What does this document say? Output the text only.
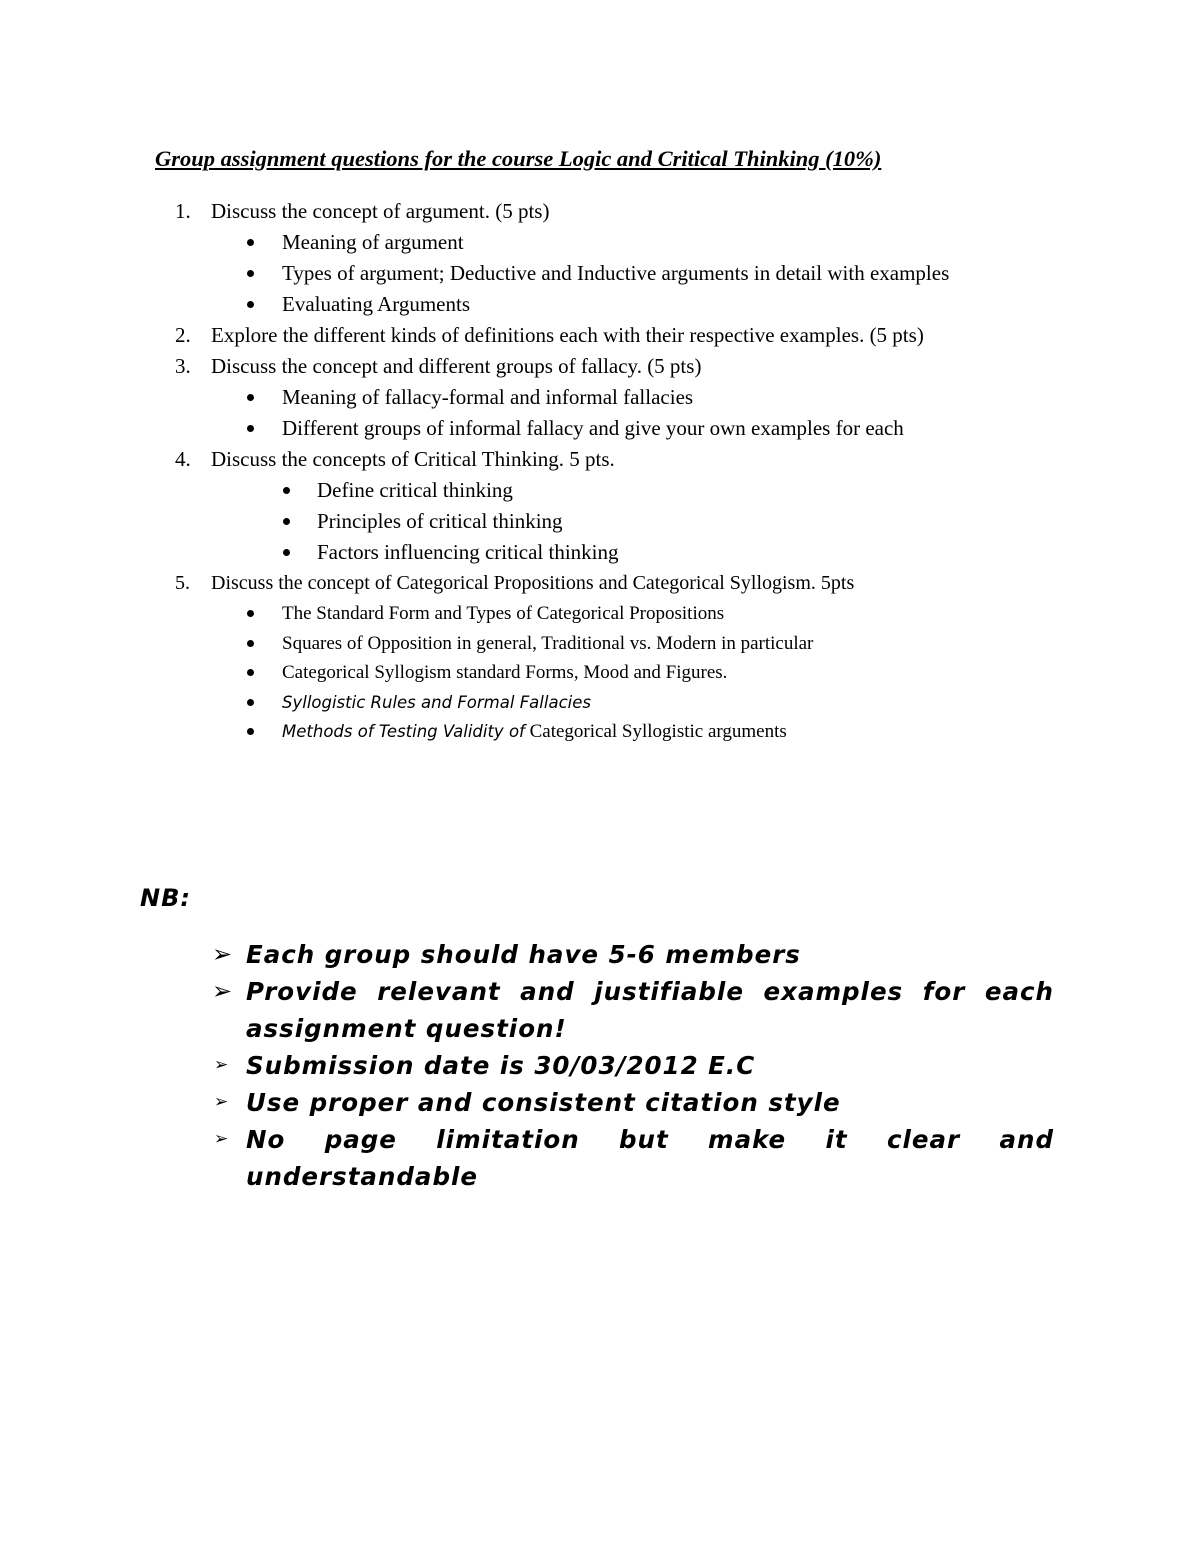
Group assignment questions for the course Logic and Critical Thinking (10%)
1. Discuss the concept of argument. (5 pts)
Meaning of argument
Types of argument; Deductive and Inductive arguments in detail with examples
Evaluating Arguments
2. Explore the different kinds of definitions each with their respective examples. (5 pts)
3. Discuss the concept and different groups of fallacy. (5 pts)
Meaning of fallacy-formal and informal fallacies
Different groups of informal fallacy and give your own examples for each
4. Discuss the concepts of Critical Thinking. 5 pts.
Define critical thinking
Principles of critical thinking
Factors influencing critical thinking
5. Discuss the concept of Categorical Propositions and Categorical Syllogism. 5pts
The Standard Form and Types of Categorical Propositions
Squares of Opposition in general, Traditional vs. Modern in particular
Categorical Syllogism standard Forms, Mood and Figures.
Syllogistic Rules and Formal Fallacies
Methods of Testing Validity of Categorical Syllogistic arguments

NB:

➢ Each group should have 5-6 members
➢ Provide relevant and justifiable examples for each assignment question!
➢ Submission date is 30/03/2012 E.C
➢ Use proper and consistent citation style
➢ No page limitation but make it clear and understandable
